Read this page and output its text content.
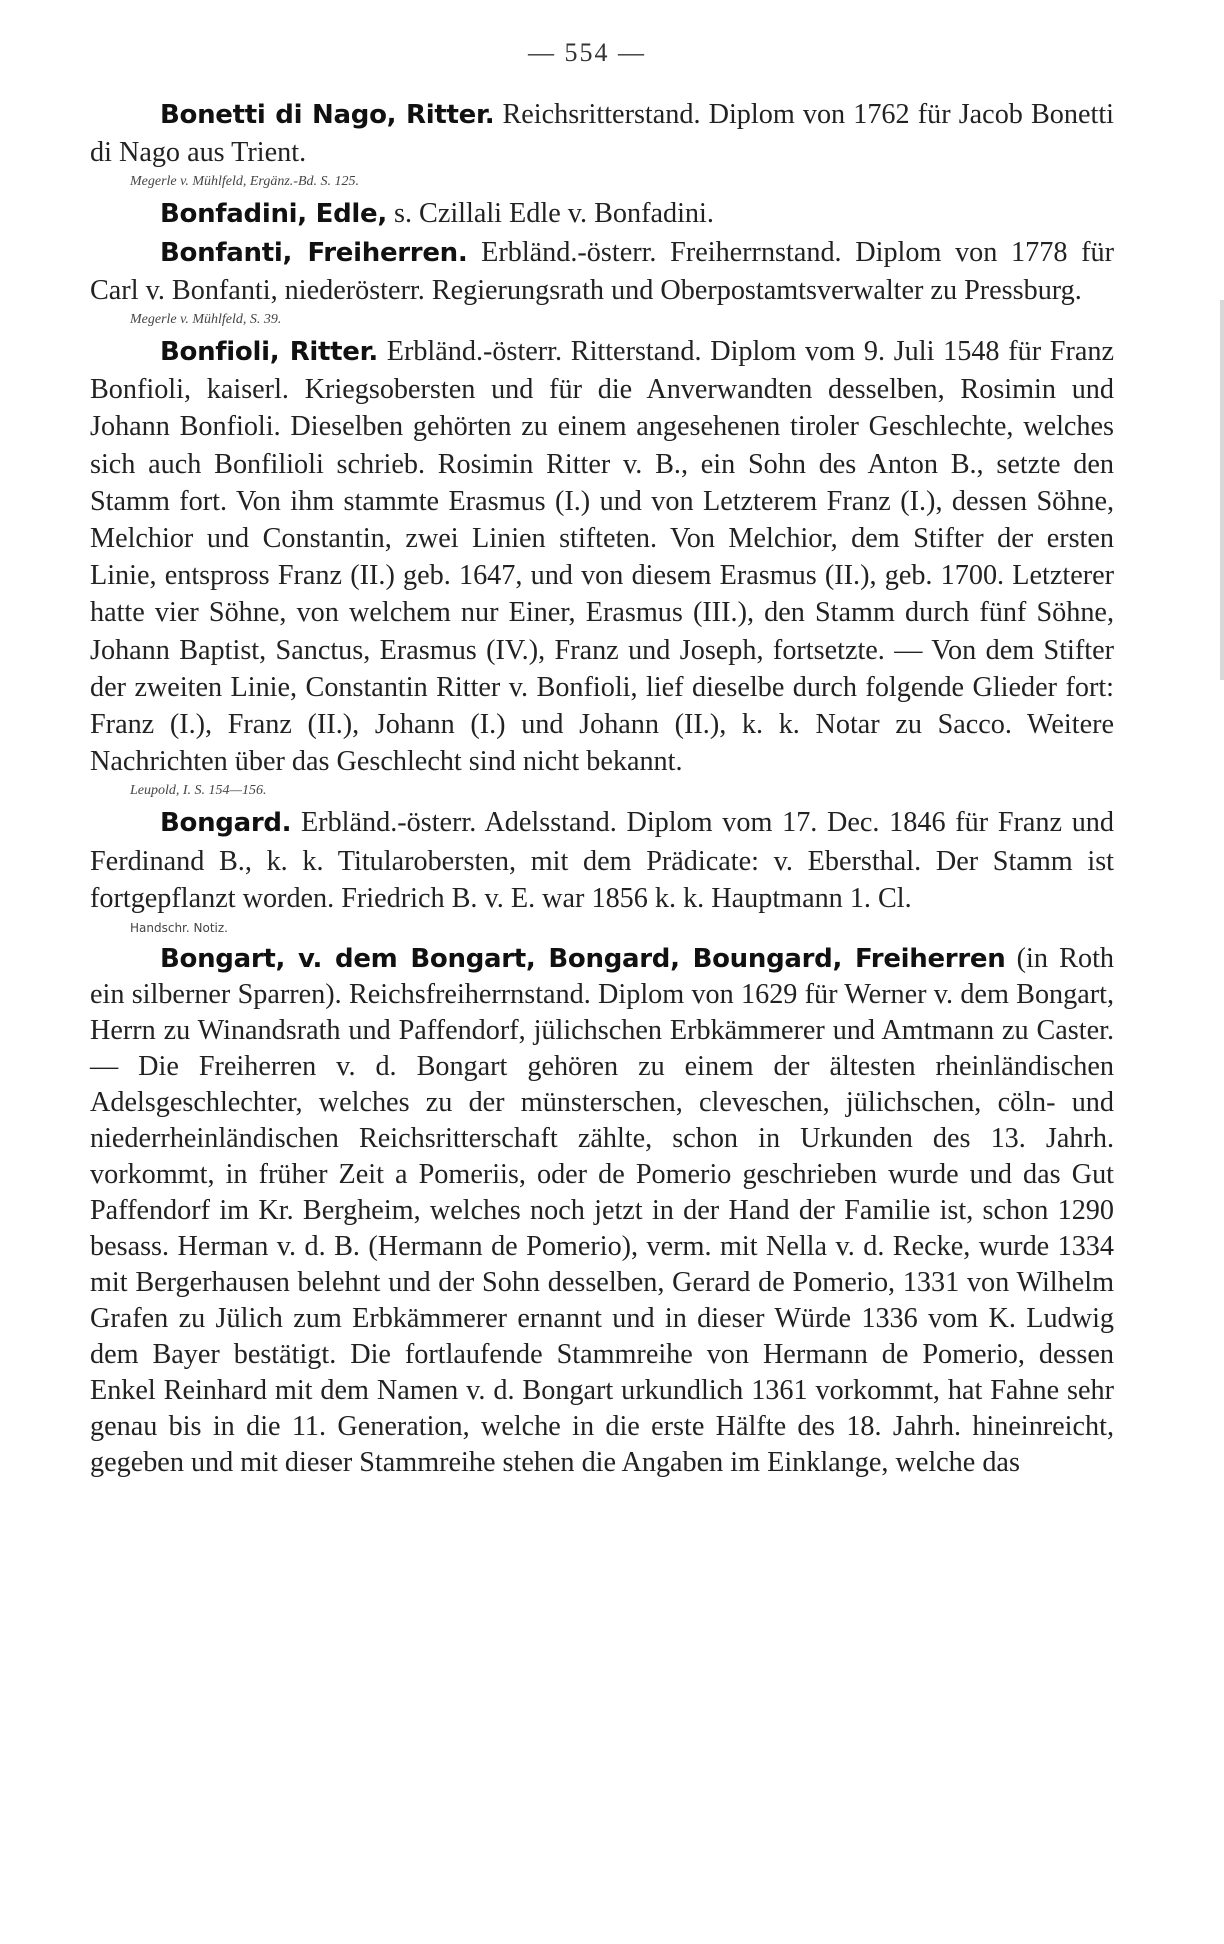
— 554 —

Bonetti di Nago, Ritter. Reichsritterstand. Diplom von 1762 für Jacob Bonetti di Nago aus Trient.

Megerle v. Mühlfeld, Ergänz.-Bd. S. 125.

Bonfadini, Edle, s. Czillali Edle v. Bonfadini.

Bonfanti, Freiherren. Erbländ.-österr. Freiherrnstand. Diplom von 1778 für Carl v. Bonfanti, niederösterr. Regierungsrath und Oberpostamtsverwalter zu Pressburg.

Megerle v. Mühlfeld, S. 39.

Bonfioli, Ritter. Erbländ.-österr. Ritterstand. Diplom vom 9. Juli 1548 für Franz Bonfioli, kaiserl. Kriegsobersten und für die Anverwandten desselben, Rosimin und Johann Bonfioli. Dieselben gehörten zu einem angesehenen tiroler Geschlechte, welches sich auch Bonfilioli schrieb. Rosimin Ritter v. B., ein Sohn des Anton B., setzte den Stamm fort. Von ihm stammte Erasmus (I.) und von Letzterem Franz (I.), dessen Söhne, Melchior und Constantin, zwei Linien stifteten. Von Melchior, dem Stifter der ersten Linie, entspross Franz (II.) geb. 1647, und von diesem Erasmus (II.), geb. 1700. Letzterer hatte vier Söhne, von welchem nur Einer, Erasmus (III.), den Stamm durch fünf Söhne, Johann Baptist, Sanctus, Erasmus (IV.), Franz und Joseph, fortsetzte. — Von dem Stifter der zweiten Linie, Constantin Ritter v. Bonfioli, lief dieselbe durch folgende Glieder fort: Franz (I.), Franz (II.), Johann (I.) und Johann (II.), k. k. Notar zu Sacco. Weitere Nachrichten über das Geschlecht sind nicht bekannt.

Leupold, I. S. 154—156.

Bongard. Erbländ.-österr. Adelsstand. Diplom vom 17. Dec. 1846 für Franz und Ferdinand B., k. k. Titularobersten, mit dem Prädicate: v. Ebersthal. Der Stamm ist fortgepflanzt worden. Friedrich B. v. E. war 1856 k. k. Hauptmann 1. Cl.

Handschr. Notiz.

Bongart, v. dem Bongart, Bongard, Boungard, Freiherren (in Roth ein silberner Sparren). Reichsfreiherrnstand. Diplom von 1629 für Werner v. dem Bongart, Herrn zu Winandsrath und Paffendorf, jülichschen Erbkämmerer und Amtmann zu Caster. — Die Freiherren v. d. Bongart gehören zu einem der ältesten rheinländischen Adelsgeschlechter, welches zu der münsterschen, cleveschen, jülichschen, cöln- und niederrheinländischen Reichsritterschaft zählte, schon in Urkunden des 13. Jahrh. vorkommt, in früher Zeit a Pomeriis, oder de Pomerio geschrieben wurde und das Gut Paffendorf im Kr. Bergheim, welches noch jetzt in der Hand der Familie ist, schon 1290 besass. Herman v. d. B. (Hermann de Pomerio), verm. mit Nella v. d. Recke, wurde 1334 mit Bergerhausen belehnt und der Sohn desselben, Gerard de Pomerio, 1331 von Wilhelm Grafen zu Jülich zum Erbkämmerer ernannt und in dieser Würde 1336 vom K. Ludwig dem Bayer bestätigt. Die fortlaufende Stammreihe von Hermann de Pomerio, dessen Enkel Reinhard mit dem Namen v. d. Bongart urkundlich 1361 vorkommt, hat Fahne sehr genau bis in die 11. Generation, welche in die erste Hälfte des 18. Jahrh. hineinreicht, gegeben und mit dieser Stammreihe stehen die Angaben im Einklange, welche das
